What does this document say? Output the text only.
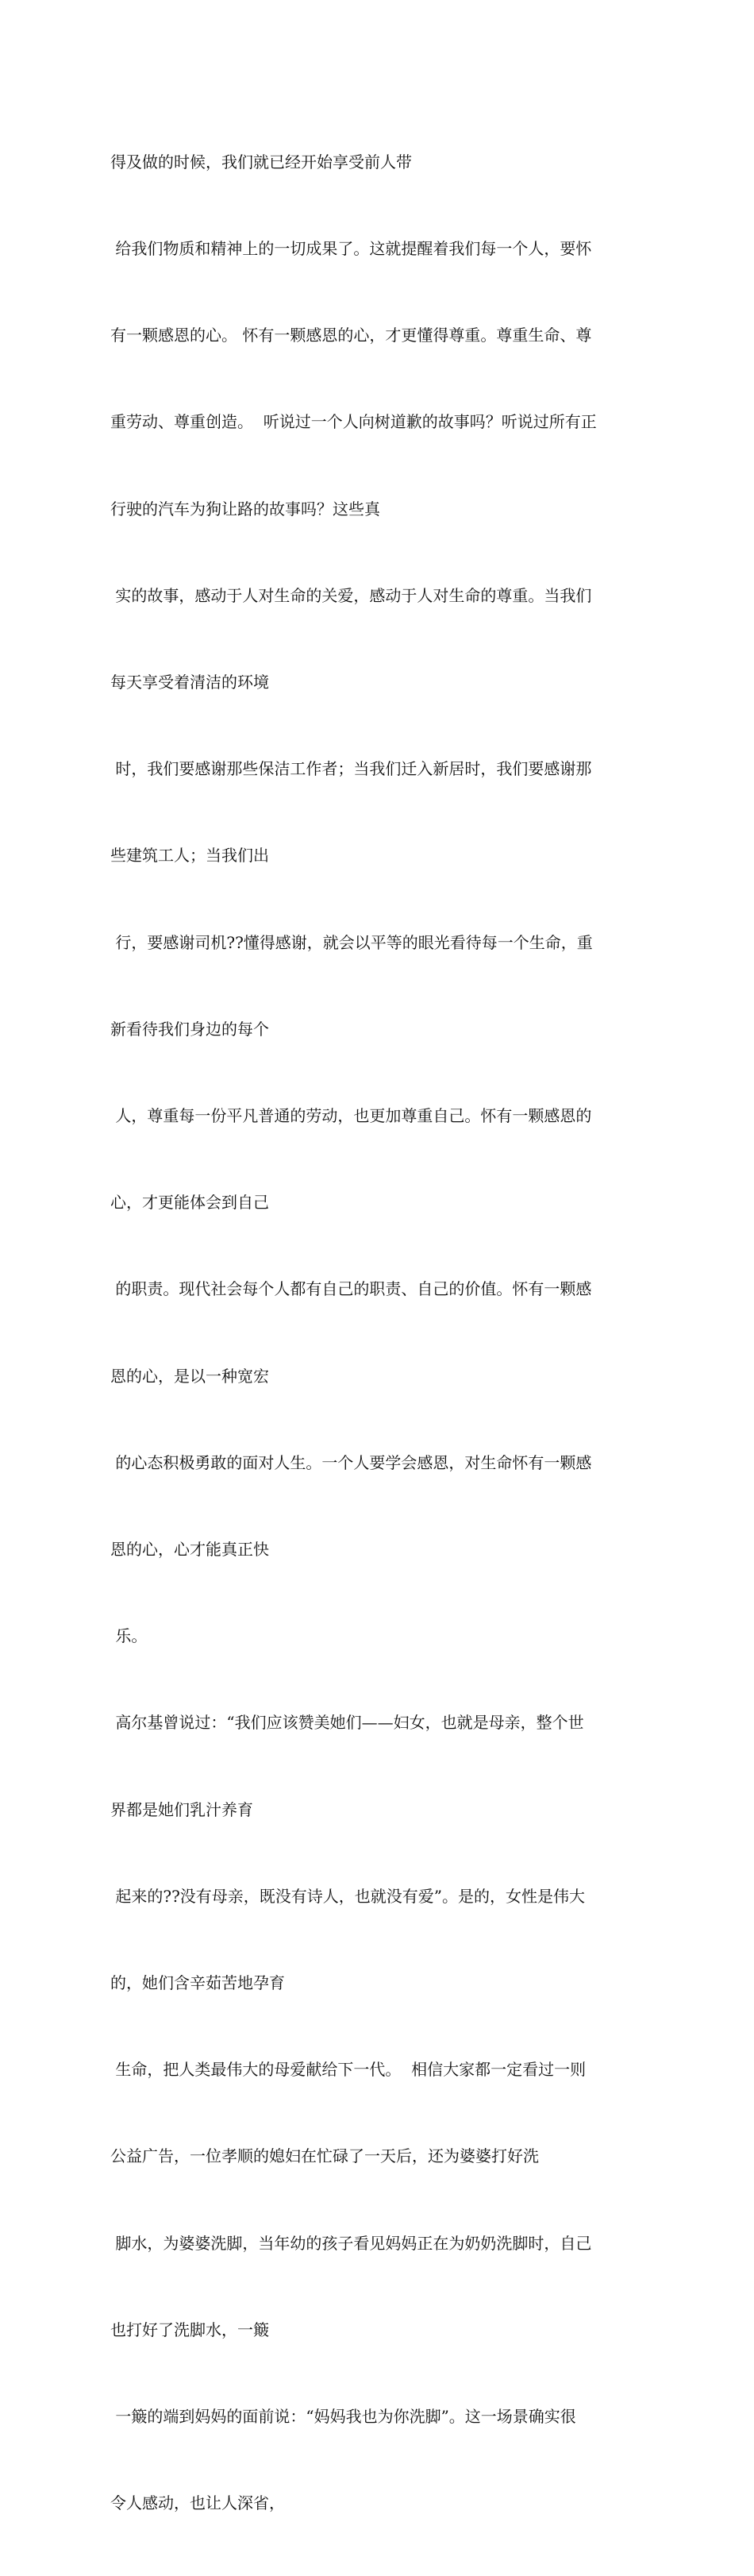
得及做的时候，我们就已经开始享受前人带

给我们物质和精神上的一切成果了。这就提醒着我们每一个人，要怀

有一颗感恩的心。 怀有一颗感恩的心，才更懂得尊重。尊重生命、尊

重劳动、尊重创造。  听说过一个人向树道歉的故事吗？听说过所有正

行驶的汽车为狗让路的故事吗？这些真

实的故事，感动于人对生命的关爱，感动于人对生命的尊重。当我们

每天享受着清洁的环境

时，我们要感谢那些保洁工作者；当我们迁入新居时，我们要感谢那

些建筑工人；当我们出

行，要感谢司机??懂得感谢，就会以平等的眼光看待每一个生命，重

新看待我们身边的每个

人，尊重每一份平凡普通的劳动，也更加尊重自己。怀有一颗感恩的

心，才更能体会到自己

的职责。现代社会每个人都有自己的职责、自己的价值。怀有一颗感

恩的心，是以一种宽宏

的心态积极勇敢的面对人生。一个人要学会感恩，对生命怀有一颗感

恩的心，心才能真正快

乐。

高尔基曾说过：“我们应该赞美她们——妇女，也就是母亲，整个世

界都是她们乳汁养育

起来的??没有母亲，既没有诗人，也就没有爱”。是的，女性是伟大

的，她们含辛茹苦地孕育

生命，把人类最伟大的母爱献给下一代。  相信大家都一定看过一则

公益广告，一位孝顺的媳妇在忙碌了一天后，还为婆婆打好洗

脚水，为婆婆洗脚，当年幼的孩子看见妈妈正在为奶奶洗脚时，自己

也打好了洗脚水，一簸

一簸的端到妈妈的面前说：“妈妈我也为你洗脚”。这一场景确实很

令人感动，也让人深省，
